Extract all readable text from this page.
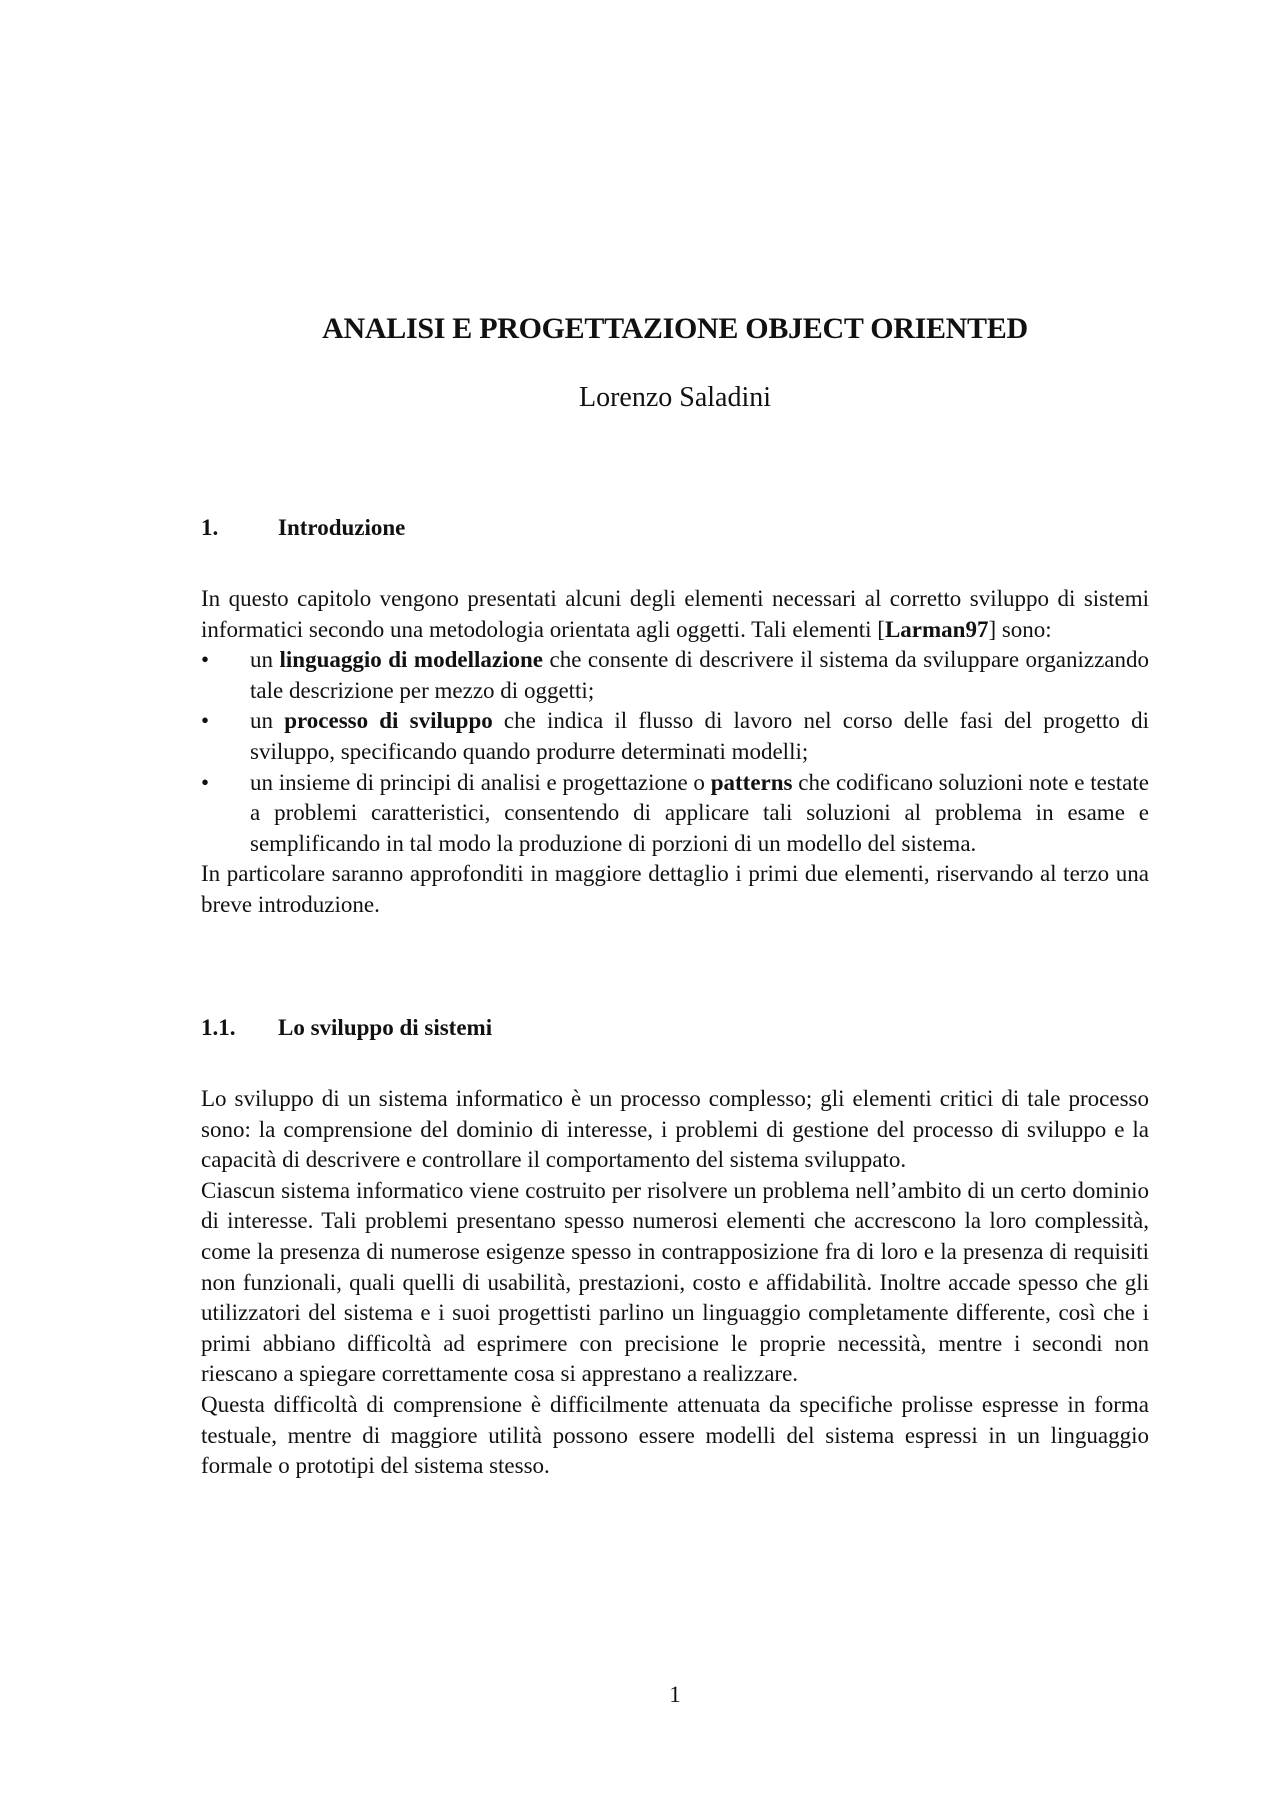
ANALISI E PROGETTAZIONE OBJECT ORIENTED
Lorenzo Saladini
1.	Introduzione

In questo capitolo vengono presentati alcuni degli elementi necessari al corretto sviluppo di sistemi informatici secondo una metodologia orientata agli oggetti. Tali elementi [Larman97] sono:

• un linguaggio di modellazione che consente di descrivere il sistema da sviluppare organizzando tale descrizione per mezzo di oggetti;
• un processo di sviluppo che indica il flusso di lavoro nel corso delle fasi del progetto di sviluppo, specificando quando produrre determinati modelli;
• un insieme di principi di analisi e progettazione o patterns che codificano soluzioni note e testate a problemi caratteristici, consentendo di applicare tali soluzioni al problema in esame e semplificando in tal modo la produzione di porzioni di un modello del sistema.

In particolare saranno approfonditi in maggiore dettaglio i primi due elementi, riservando al terzo una breve introduzione.

1.1. Lo sviluppo di sistemi

Lo sviluppo di un sistema informatico è un processo complesso; gli elementi critici di tale processo sono: la comprensione del dominio di interesse, i problemi di gestione del processo di sviluppo e la capacità di descrivere e controllare il comportamento del sistema sviluppato.

Ciascun sistema informatico viene costruito per risolvere un problema nell’ambito di un certo dominio di interesse. Tali problemi presentano spesso numerosi elementi che accrescono la loro complessità, come la presenza di numerose esigenze spesso in contrapposizione fra di loro e la presenza di requisiti non funzionali, quali quelli di usabilità, prestazioni, costo e affidabilità. Inoltre accade spesso che gli utilizzatori del sistema e i suoi progettisti parlino un linguaggio completamente differente, così che i primi abbiano difficoltà ad esprimere con precisione le proprie necessità, mentre i secondi non riescano a spiegare correttamente cosa si apprestano a realizzare.

Questa difficoltà di comprensione è difficilmente attenuata da specifiche prolisse espresse in forma testuale, mentre di maggiore utilità possono essere modelli del sistema espressi in un linguaggio formale o prototipi del sistema stesso.

1
